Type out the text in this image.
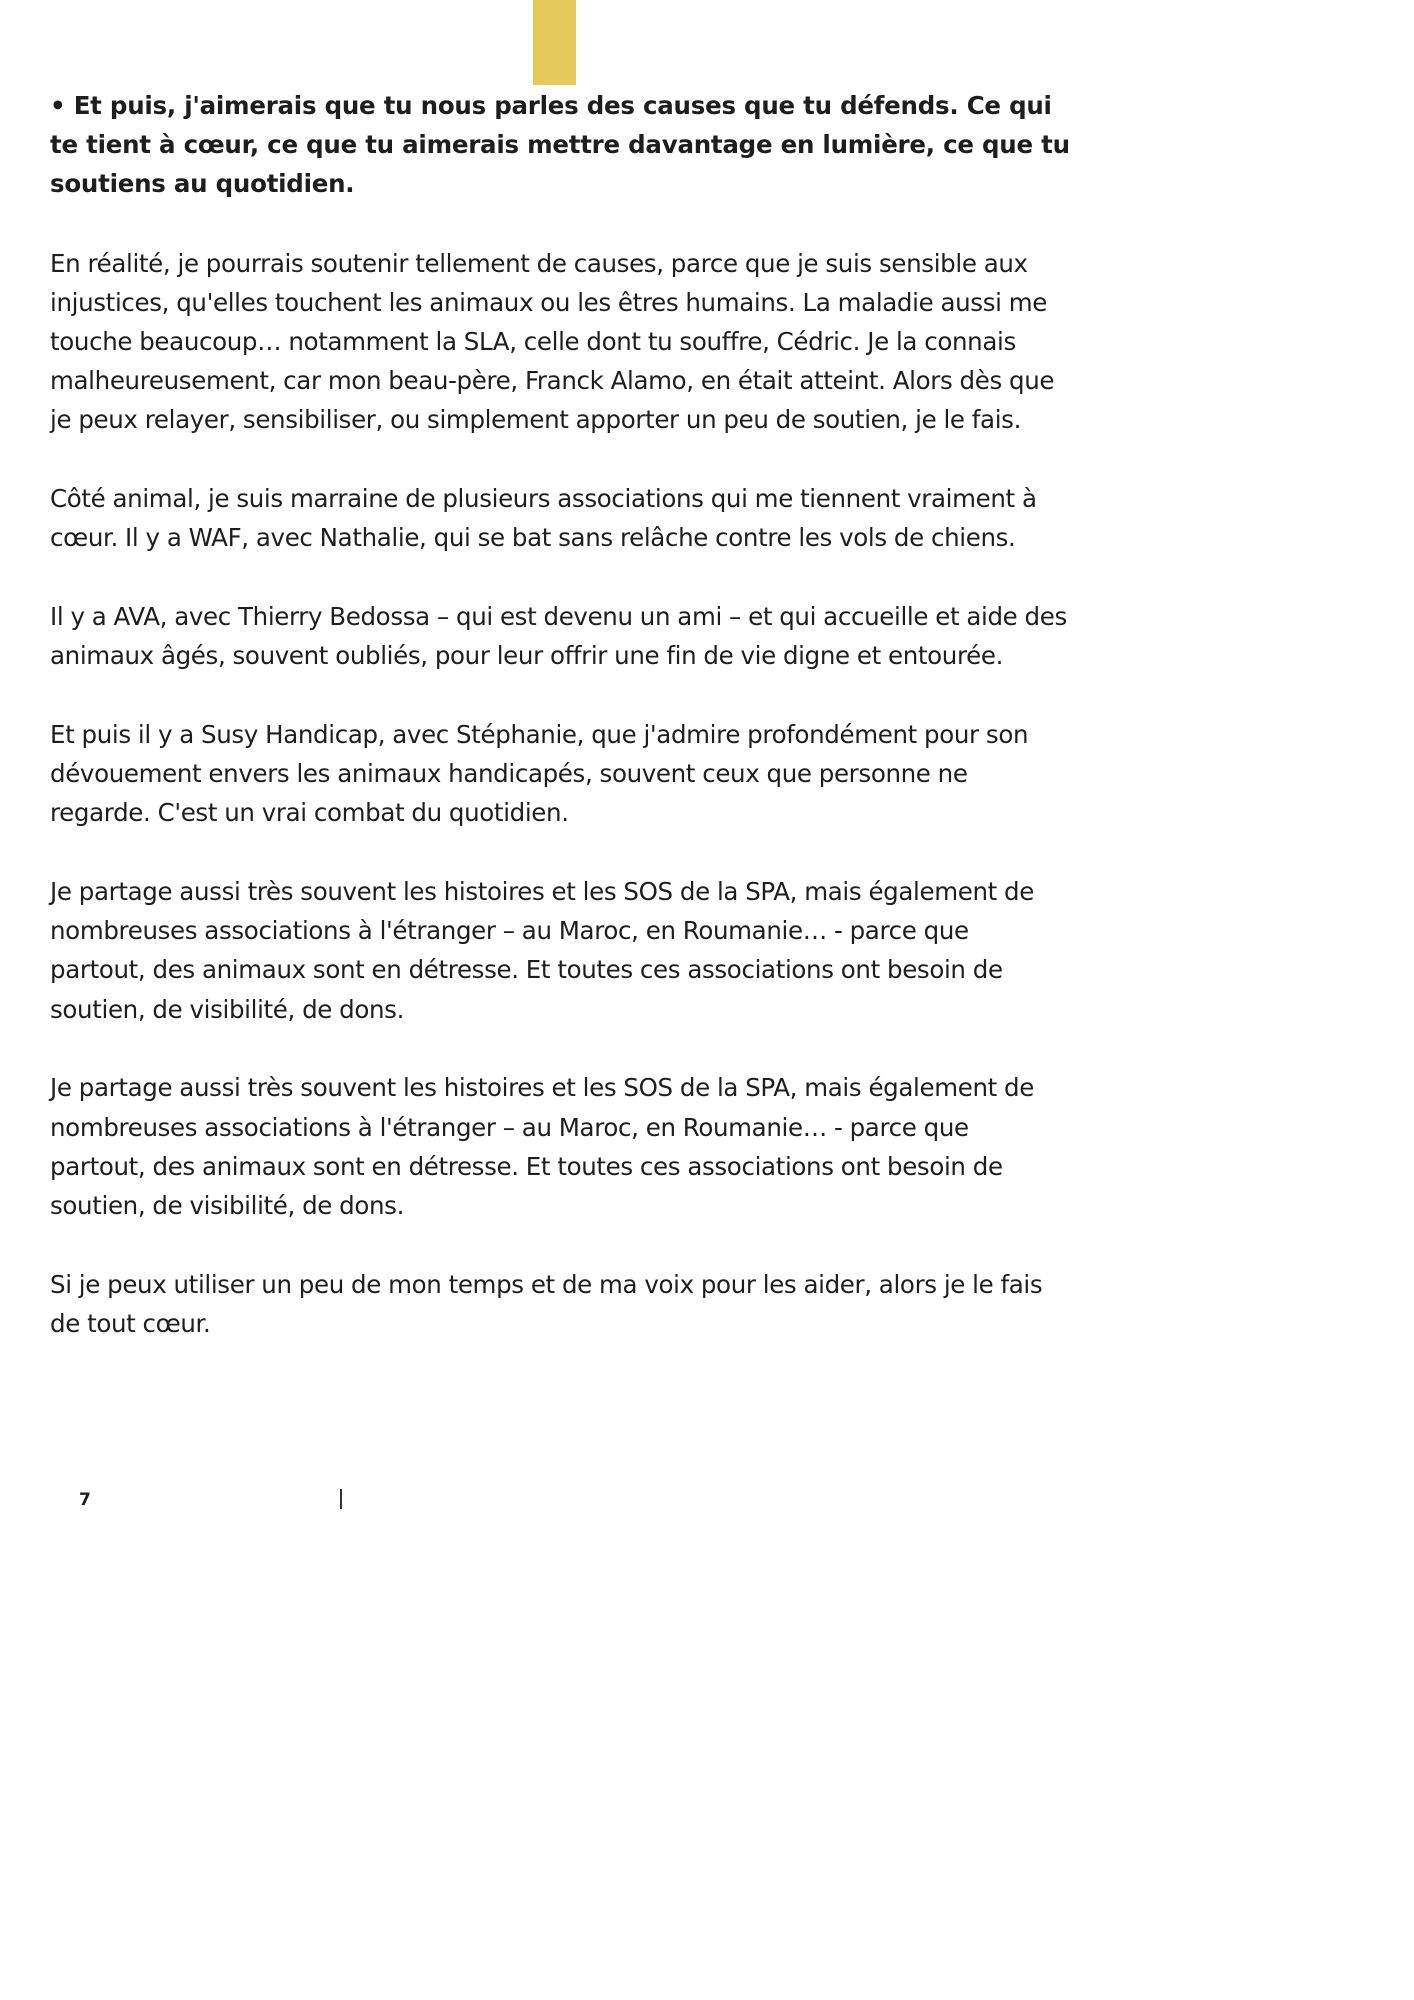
• Et puis, j'aimerais que tu nous parles des causes que tu défends. Ce qui te tient à cœur, ce que tu aimerais mettre davantage en lumière, ce que tu soutiens au quotidien.

En réalité, je pourrais soutenir tellement de causes, parce que je suis sensible aux injustices, qu'elles touchent les animaux ou les êtres humains. La maladie aussi me touche beaucoup… notamment la SLA, celle dont tu souffre, Cédric. Je la connais malheureusement, car mon beau-père, Franck Alamo, en était atteint. Alors dès que je peux relayer, sensibiliser, ou simplement apporter un peu de soutien, je le fais.

Côté animal, je suis marraine de plusieurs associations qui me tiennent vraiment à cœur. Il y a WAF, avec Nathalie, qui se bat sans relâche contre les vols de chiens.

Il y a AVA, avec Thierry Bedossa – qui est devenu un ami – et qui accueille et aide des animaux âgés, souvent oubliés, pour leur offrir une fin de vie digne et entourée.

Et puis il y a Susy Handicap, avec Stéphanie, que j'admire profondément pour son dévouement envers les animaux handicapés, souvent ceux que personne ne regarde. C'est un vrai combat du quotidien.

Je partage aussi très souvent les histoires et les SOS de la SPA, mais également de nombreuses associations à l'étranger – au Maroc, en Roumanie… - parce que partout, des animaux sont en détresse. Et toutes ces associations ont besoin de soutien, de visibilité, de dons.

Je partage aussi très souvent les histoires et les SOS de la SPA, mais également de nombreuses associations à l'étranger – au Maroc, en Roumanie… - parce que partout, des animaux sont en détresse. Et toutes ces associations ont besoin de soutien, de visibilité, de dons.

Si je peux utiliser un peu de mon temps et de ma voix pour les aider, alors je le fais de tout cœur.

7
